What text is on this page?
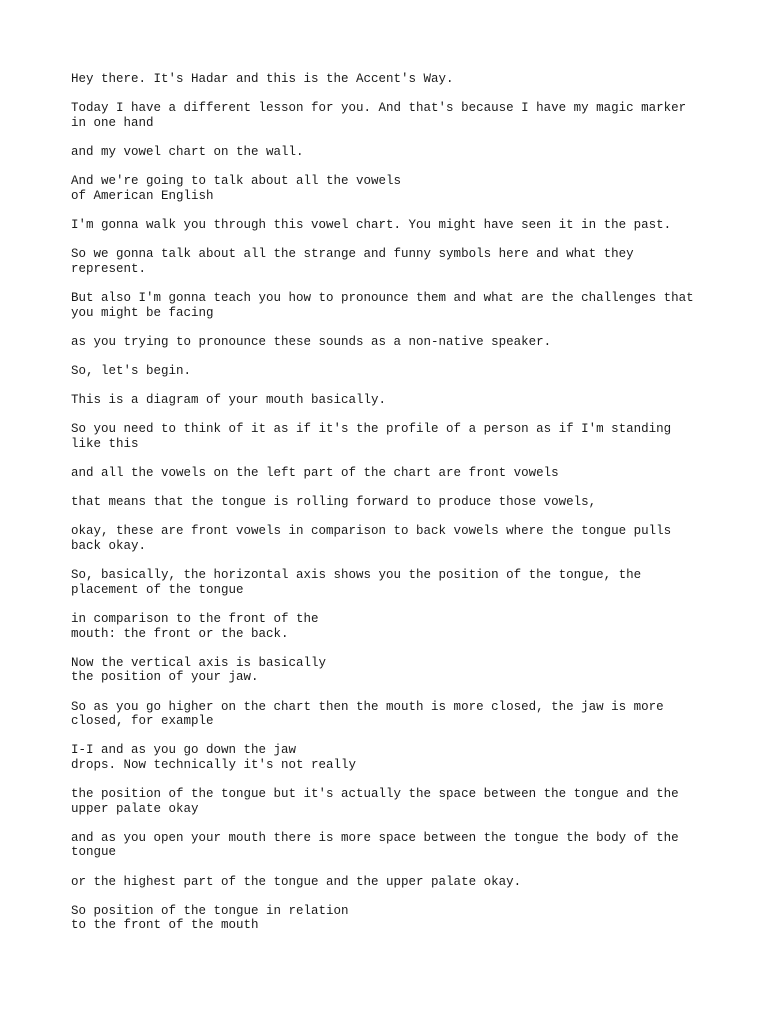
Hey there. It's Hadar and this is the Accent's Way.

Today I have a different lesson for you. And that's because I have my magic marker
in one hand

and my vowel chart on the wall.

And we're going to talk about all the vowels
of American English

I'm gonna walk you through this vowel chart. You might have seen it in the past.

So we gonna talk about all the strange and funny symbols here and what they
represent.

But also I'm gonna teach you how to pronounce them and what are the challenges that
you might be facing

as you trying to pronounce these sounds as a non-native speaker.

So, let's begin.

This is a diagram of your mouth basically.

So you need to think of it as if it's the profile of a person as if I'm standing
like this

and all the vowels on the left part of the chart are front vowels

that means that the tongue is rolling forward to produce those vowels,

okay, these are front vowels in comparison to back vowels where the tongue pulls
back okay.

So, basically, the horizontal axis shows you the position of the tongue, the
placement of the tongue

in comparison to the front of the
mouth: the front or the back.

Now the vertical axis is basically
the position of your jaw.

So as you go higher on the chart then the mouth is more closed, the jaw is more
closed, for example

I-I and as you go down the jaw
drops. Now technically it's not really

the position of the tongue but it's actually the space between the tongue and the
upper palate okay

and as you open your mouth there is more space between the tongue the body of the
tongue

or the highest part of the tongue and the upper palate okay.

So position of the tongue in relation
to the front of the mouth
